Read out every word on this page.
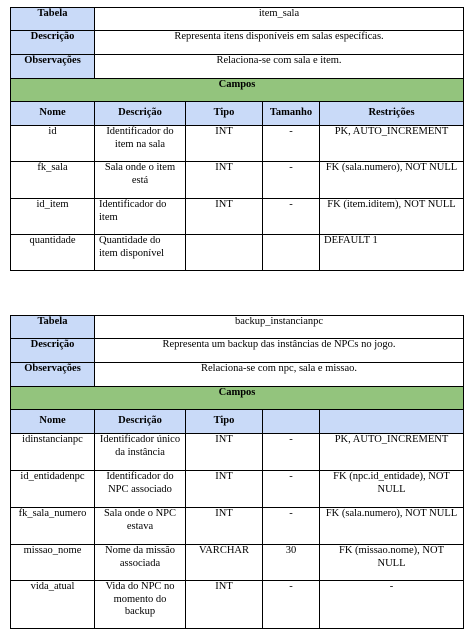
Tabela	item_sala			
Descrição	Representa itens disponíveis em salas específicas.			
Observações	Relaciona-se com sala e item.			
Campos				
Nome	Descrição	Tipo	Tamanho	Restrições
id	Identificador do item na sala	INT	-	PK, AUTO_INCREMENT
fk_sala	Sala onde o item está	INT	-	FK (sala.numero), NOT NULL
id_item	Identificador do item	INT	-	FK (item.iditem), NOT NULL
quantidade	Quantidade do item disponível			DEFAULT 1
Tabela	backup_instancianpc			
Descrição	Representa um backup das instâncias de NPCs no jogo.			
Observações	Relaciona-se com npc, sala e missao.			
Campos				
Nome	Descrição	Tipo		
idinstancianpc	Identificador único da instância	INT	-	PK, AUTO_INCREMENT
id_entidadenpc	Identificador do NPC associado	INT	-	FK (npc.id_entidade), NOT NULL
fk_sala_numero	Sala onde o NPC estava	INT	-	FK (sala.numero), NOT NULL
missao_nome	Nome da missão associada	VARCHAR	30	FK (missao.nome), NOT NULL
vida_atual	Vida do NPC no momento do backup	INT	-	-
